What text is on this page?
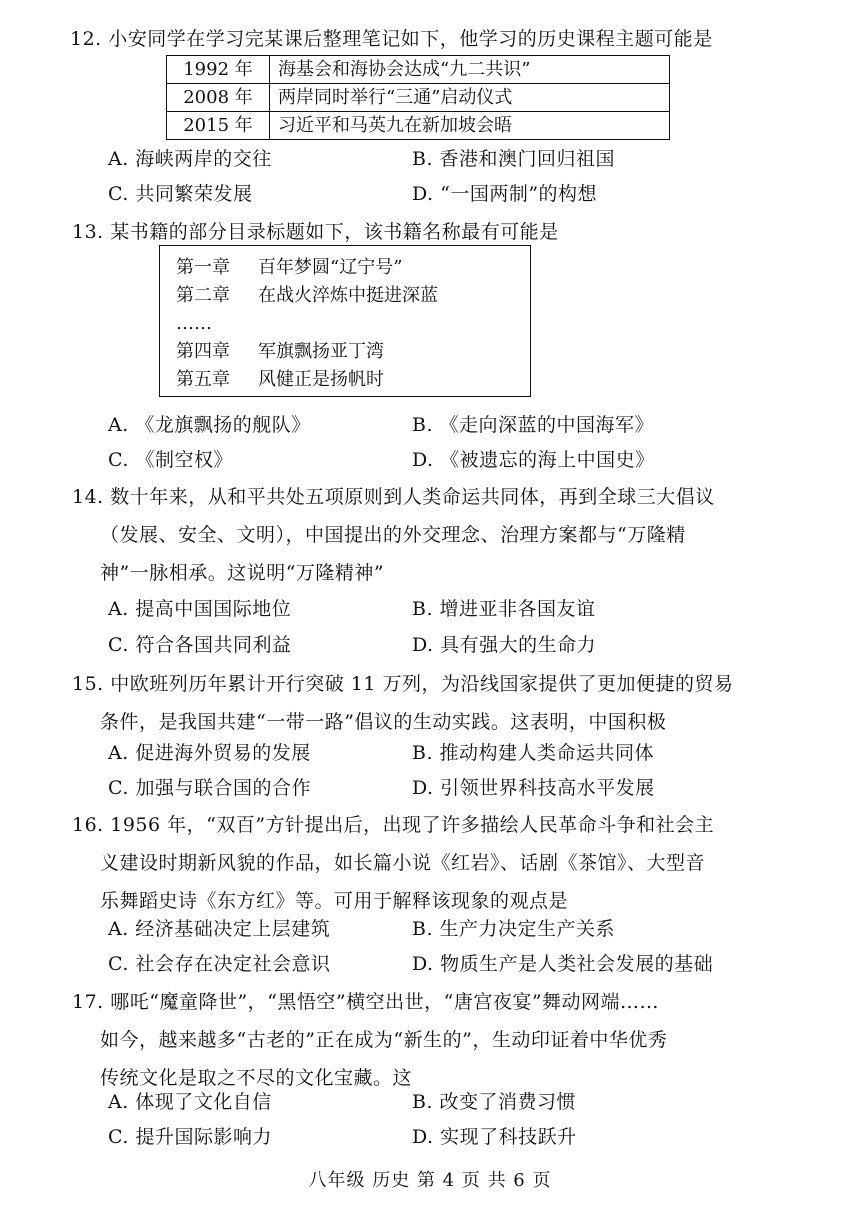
12. 小安同学在学习完某课后整理笔记如下，他学习的历史课程主题可能是
1992 年	海基会和海协会达成“九二共识”
2008 年	两岸同时举行“三通”启动仪式
2015 年	习近平和马英九在新加坡会晤
A. 海峡两岸的交往	B. 香港和澳门回归祖国
C. 共同繁荣发展	D. “一国两制”的构想
13. 某书籍的部分目录标题如下，该书籍名称最有可能是
第一章 百年梦圆“辽宁号”
第二章 在战火淬炼中挺进深蓝
……
第四章 军旗飘扬亚丁湾
第五章 风健正是扬帆时
A. 《龙旗飘扬的舰队》	B. 《走向深蓝的中国海军》
C. 《制空权》	D. 《被遗忘的海上中国史》
14. 数十年来，从和平共处五项原则到人类命运共同体，再到全球三大倡议
（发展、安全、文明），中国提出的外交理念、治理方案都与“万隆精
神”一脉相承。这说明“万隆精神”
A. 提高中国国际地位	B. 增进亚非各国友谊
C. 符合各国共同利益	D. 具有强大的生命力
15. 中欧班列历年累计开行突破 11 万列，为沿线国家提供了更加便捷的贸易
条件，是我国共建“一带一路”倡议的生动实践。这表明，中国积极
A. 促进海外贸易的发展	B. 推动构建人类命运共同体
C. 加强与联合国的合作	D. 引领世界科技高水平发展
16. 1956 年，“双百”方针提出后，出现了许多描绘人民革命斗争和社会主
义建设时期新风貌的作品，如长篇小说《红岩》、话剧《茶馆》、大型音
乐舞蹈史诗《东方红》等。可用于解释该现象的观点是
A. 经济基础决定上层建筑	B. 生产力决定生产关系
C. 社会存在决定社会意识	D. 物质生产是人类社会发展的基础
17. 哪吒“魔童降世”，“黑悟空”横空出世，“唐宫夜宴”舞动网端……
如今，越来越多“古老的”正在成为“新生的”，生动印证着中华优秀
传统文化是取之不尽的文化宝藏。这
A. 体现了文化自信	B. 改变了消费习惯
C. 提升国际影响力	D. 实现了科技跃升
八年级 历史 第 4 页 共 6 页
